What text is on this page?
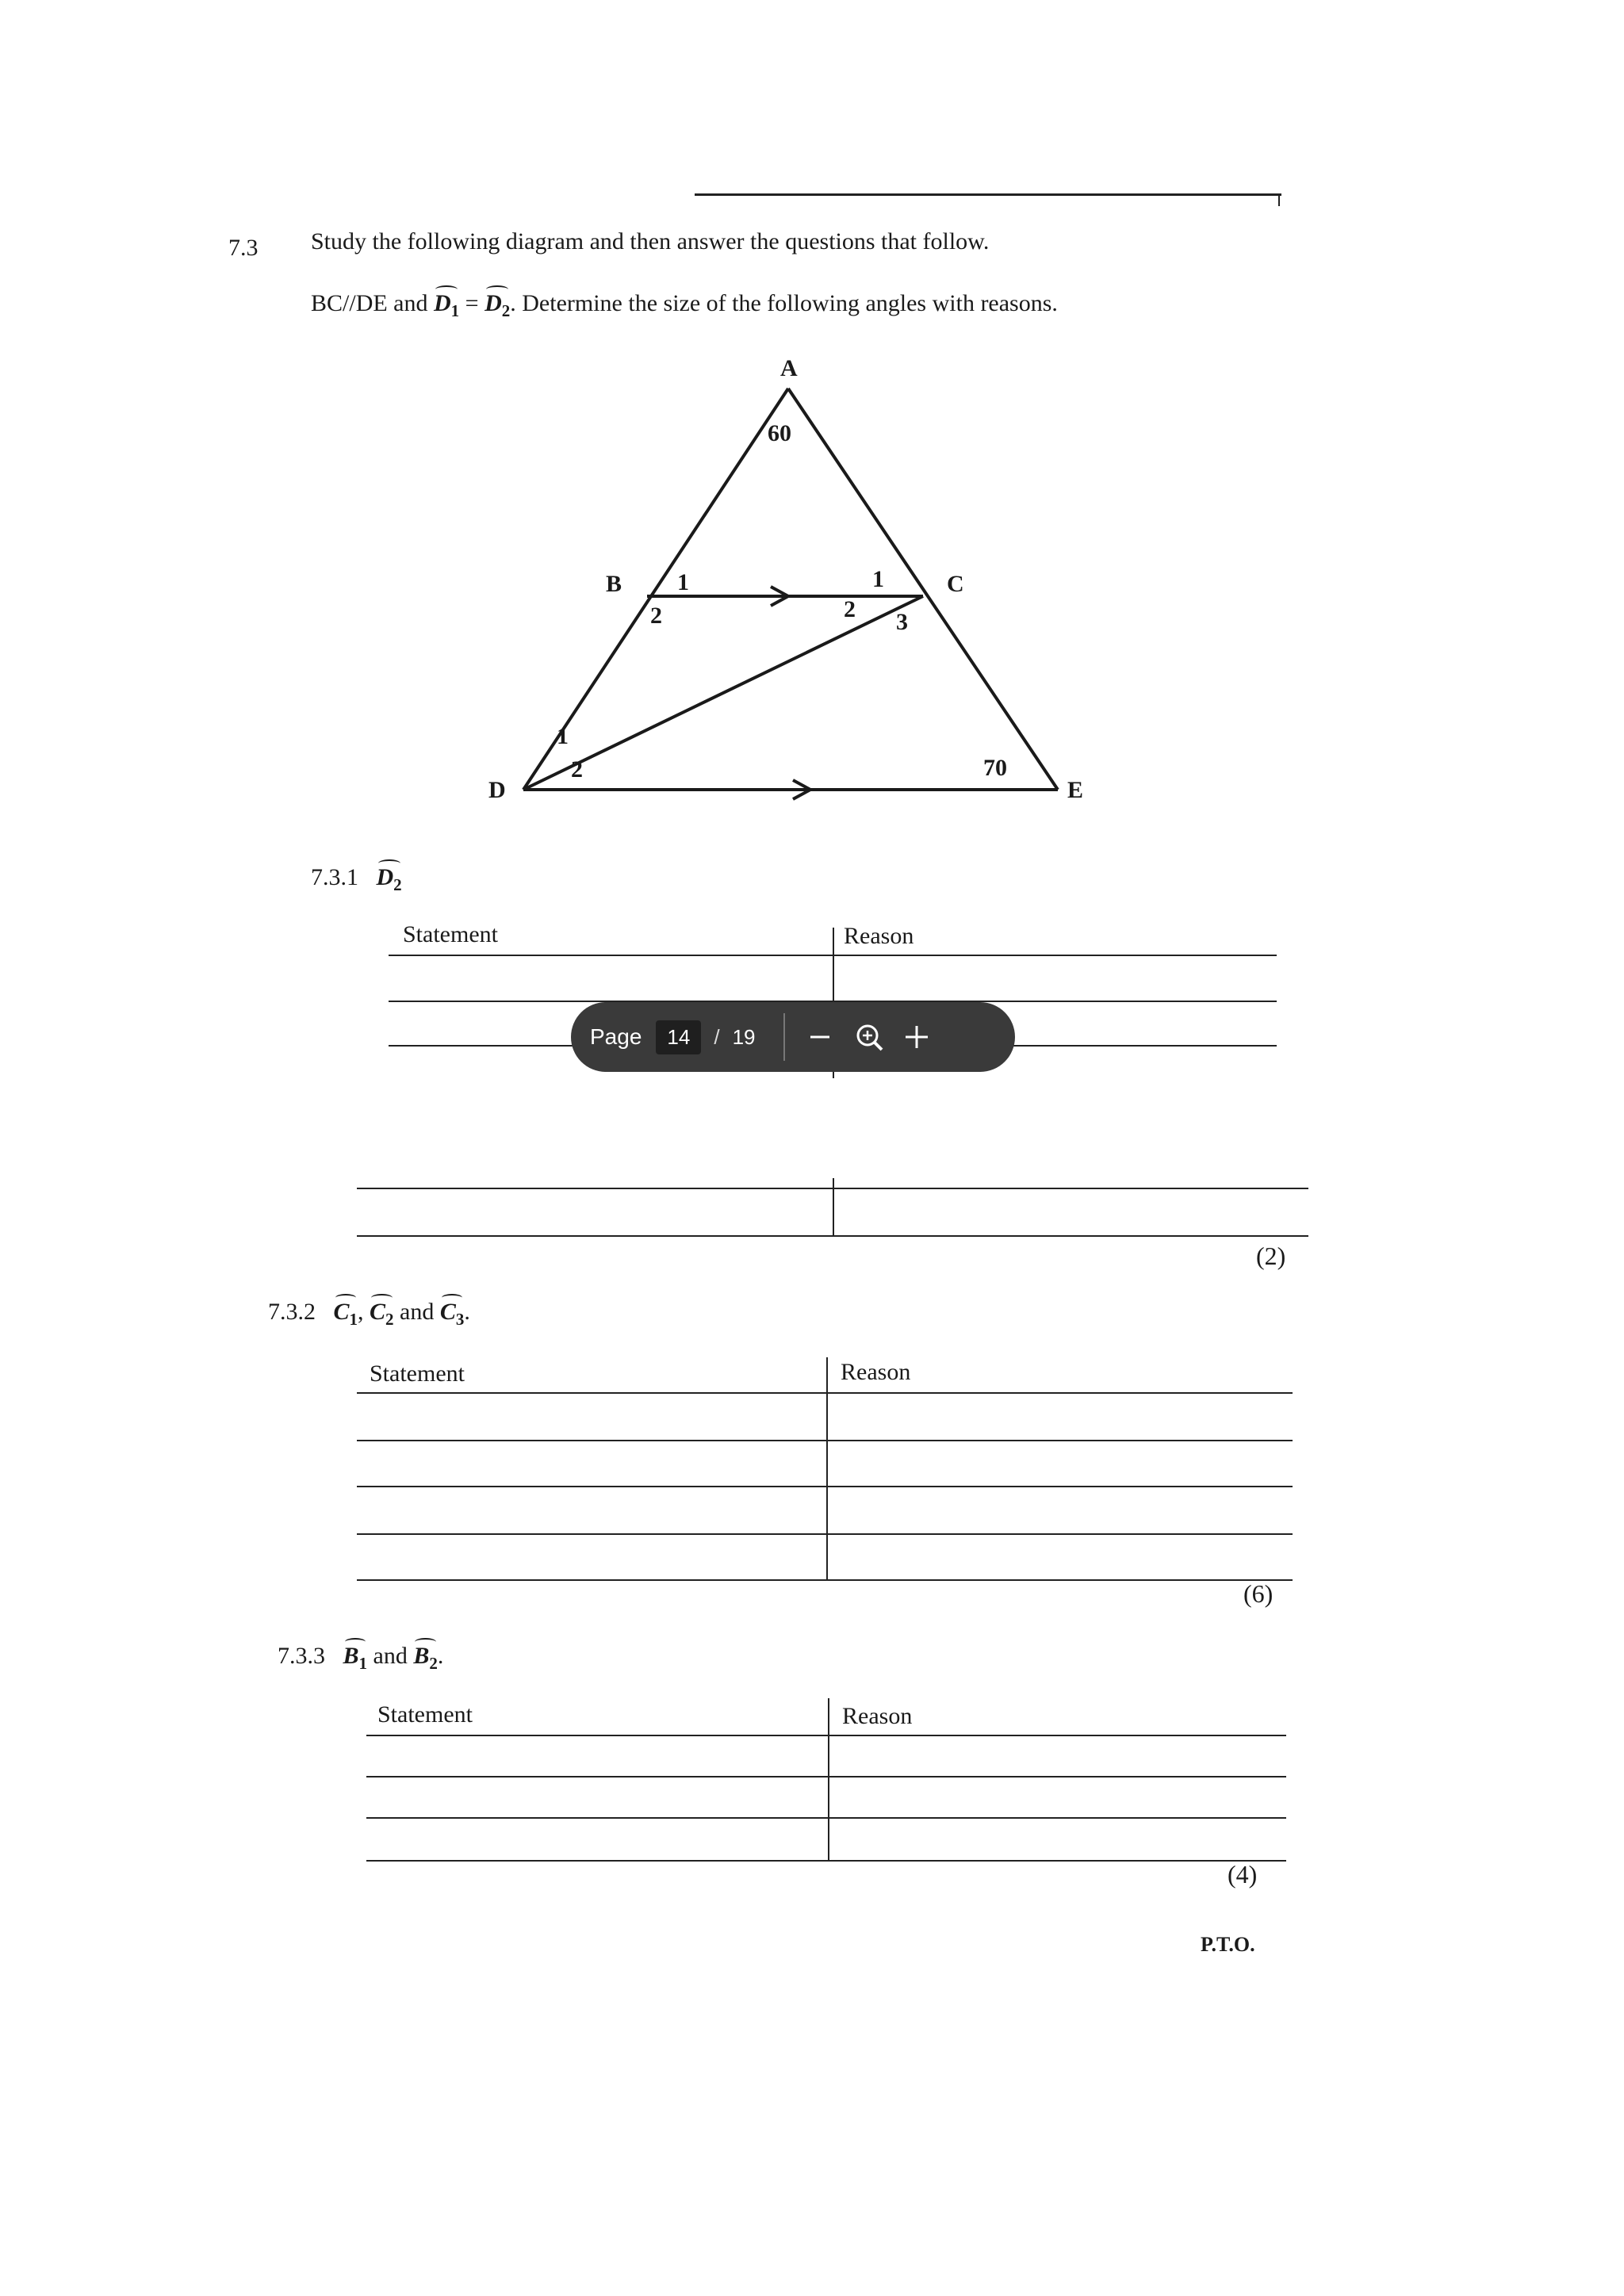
7.3 Study the following diagram and then answer the questions that follow.
BC//DE and $D_1 = D_2$. Determine the size of the following angles with reasons.
A
B	C
D	E
60
70
1
2
1
2 3
1
2
7.3.1 $D_2$
Statement	Reason
(2)
Page	14	/ 19
7.3.2 $C_1$, $C_2$ and $C_3$.
Statement	Reason
(6)
7.3.3 $B_1$ and $B_2$.
Statement	Reason
(4)
P.T.O.
